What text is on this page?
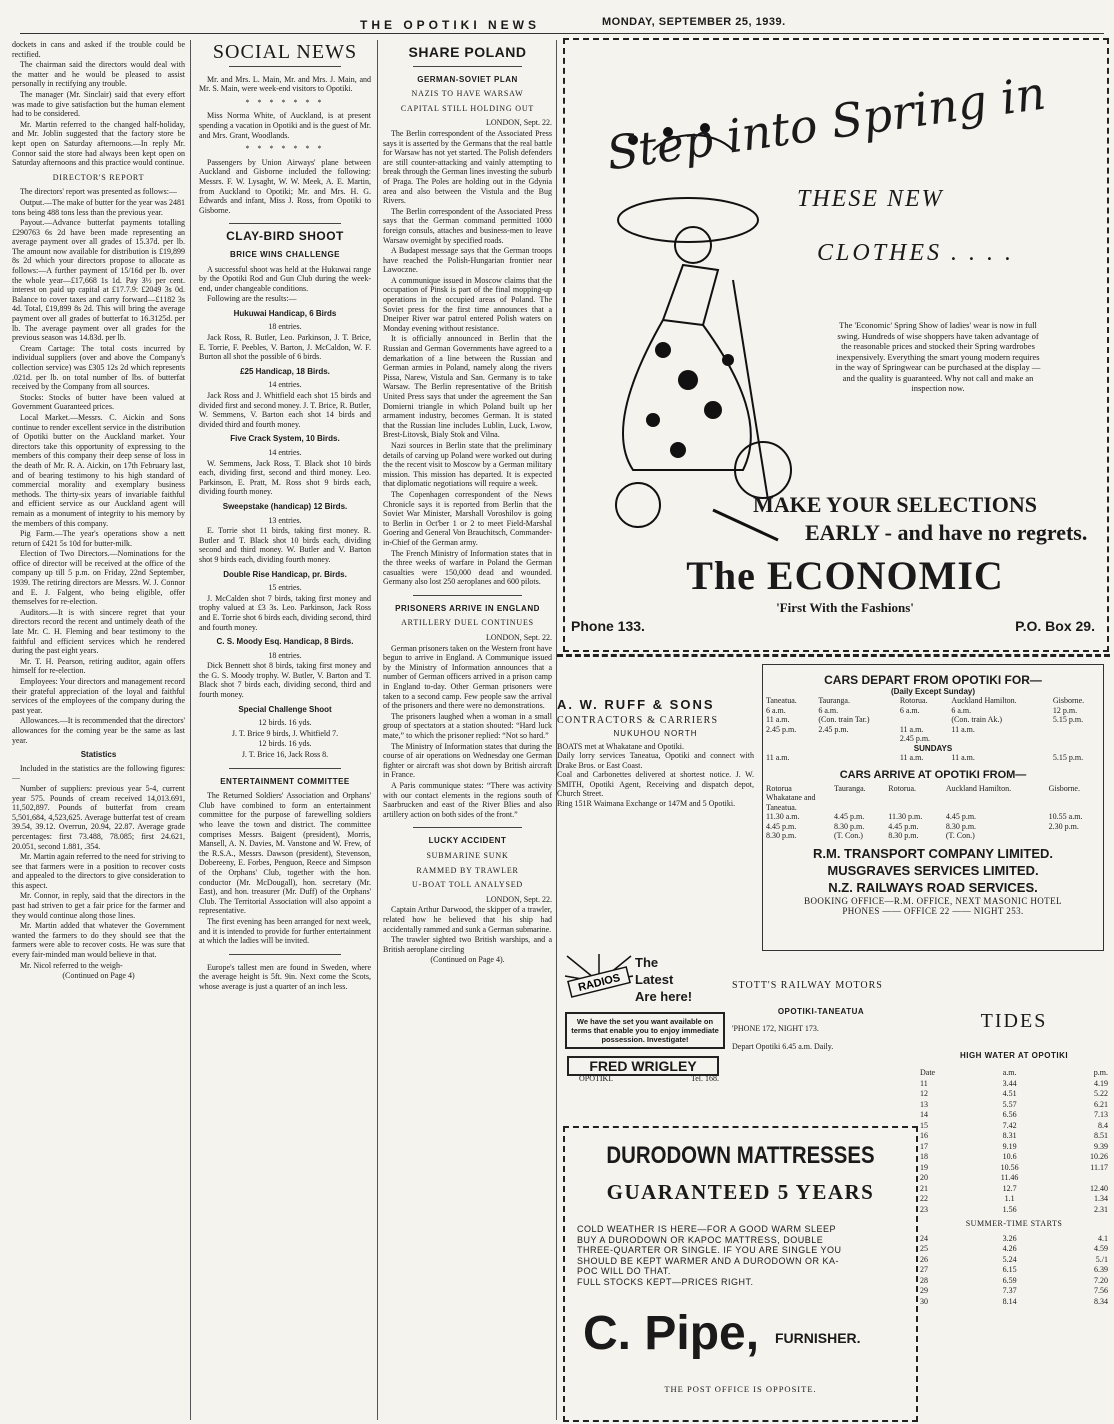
THE OPOTIKI NEWS	MONDAY, SEPTEMBER 25, 1939.

dockets in cans and asked if the trouble could be rectified.

The chairman said the directors would deal with the matter and he would be pleased to assist personally in rectifying any trouble.

The manager (Mr. Sinclair) said that every effort was made to give satisfaction but the human element had to be considered.

Mr. Martin referred to the changed half-holiday, and Mr. Joblin suggested that the factory store be kept open on Saturday afternoons.—In reply Mr. Connor said the store had always been kept open on Saturday afternoons and this practice would continue.

DIRECTOR'S REPORT

The directors' report was presented as follows:—

Output.—The make of butter for the year was 2481 tons being 488 tons less than the previous year.

Payout.—Advance butterfat payments totalling £290763 6s 2d have been made representing an average payment over all grades of 15.37d. per lb. The amount now available for distribution is £19,899 8s 2d which your directors propose to allocate as follows:—A further payment of 15/16d per lb. over the whole year—£17,668 1s 1d. Pay 3½ per cent. interest on paid up capital at £17.7.9: £2049 3s 0d. Balance to cover taxes and carry forward—£1182 3s 4d. Total, £19,899 8s 2d. This will bring the average payment over all grades of butterfat to 16.3125d. per lb. The average payment over all grades for the previous season was 14.83d. per lb.

Cream Cartage: The total costs incurred by individual suppliers (over and above the Company's collection service) was £305 12s 2d which represents .021d. per lb. on total number of lbs. of butterfat received by the Company from all sources.

Stocks: Stocks of butter have been valued at Government Guaranteed prices.

Local Market.—Messrs. C. Aickin and Sons continue to render excellent service in the distribution of Opotiki butter on the Auckland market. Your directors take this opportunity of expressing to the members of this company their deep sense of loss in the death of Mr. R. A. Aickin, on 17th February last, and of bearing testimony to his high standard of commercial morality and exemplary business methods. The thirty-six years of invariable faithful and efficient service as our Auckland agent will remain as a monument of integrity to his memory by the members of this company.

Pig Farm.—The year's operations show a nett return of £421 5s 10d for butter-milk.

Election of Two Directors.—Nominations for the office of director will be received at the office of the company up till 5 p.m. on Friday, 22nd September, 1939. The retiring directors are Messrs. W. J. Connor and E. J. Falgent, who being eligible, offer themselves for re-election.

Auditors.—It is with sincere regret that your directors record the recent and untimely death of the late Mr. C. H. Fleming and bear testimony to the faithful and efficient services which he rendered during the past eight years.

Mr. T. H. Pearson, retiring auditor, again offers himself for re-election.

Employees: Your directors and management record their grateful appreciation of the loyal and faithful services of the employees of the company during the past year.

Allowances.—It is recommended that the directors' allowances for the coming year be the same as last year.

Statistics

Included in the statistics are the following figures:—

Number of suppliers: previous year 5-4, current year 575. Pounds of cream received 14,013.691, 11,502,897. Pounds of butterfat from cream 5,501,684, 4,523,625. Average butterfat test of cream 39.54, 39.12. Overrun, 20.94, 22.87. Average grade percentages: first 73.488, 78.085; first 24.621, 20.051, second 1.881, .354.

Mr. Martin again referred to the need for striving to see that farmers were in a position to recover costs and appealed to the directors to give consideration to this aspect.

Mr. Connor, in reply, said that the directors in the past had striven to get a fair price for the farmer and they would continue along those lines.

Mr. Martin added that whatever the Government wanted the farmers to do they should see that the farmers were able to recover costs. He was sure that every fair-minded man would believe in that.

Mr. Nicol referred to the weigh-

(Continued on Page 4)

SOCIAL NEWS

Mr. and Mrs. L. Main, Mr. and Mrs. J. Main, and Mr. S. Main, were week-end visitors to Opotiki.

* * * * * * *

Miss Norma White, of Auckland, is at present spending a vacation in Opotiki and is the guest of Mr. and Mrs. Grant, Woodlands.

* * * * * * *

Passengers by Union Airways' plane between Auckland and Gisborne included the following: Messrs. F. W. Lysaght, W. W. Meek, A. E. Martin, from Auckland to Opotiki; Mr. and Mrs. H. G. Edwards and infant, Miss J. Ross, from Opotiki to Gisborne.

CLAY-BIRD SHOOT
BRICE WINS CHALLENGE

A successful shoot was held at the Hukuwai range by the Opotiki Rod and Gun Club during the week-end, under changeable conditions.

Following are the results:—

Hukuwai Handicap, 6 Birds

18 entries.

Jack Ross, R. Butler, Leo. Parkinson, J. T. Brice, E. Torrie, F. Peebles, V. Barton, J. McCaldon, W. F. Burton all shot the possible of 6 birds.

£25 Handicap, 18 Birds.

14 entries.

Jack Ross and J. Whitfield each shot 15 birds and divided first and second money. J. T. Brice, R. Butler, W. Semmens, V. Barton each shot 14 birds and divided third and fourth money.

Five Crack System, 10 Birds.

14 entries.

W. Semmens, Jack Ross, T. Black shot 10 birds each, dividing first, second and third money. Leo. Parkinson, E. Pratt, M. Ross shot 9 birds each, dividing fourth money.

Sweepstake (handicap) 12 Birds.

13 entries.

E. Torrie shot 11 birds, taking first money. R. Butler and T. Black shot 10 birds each, dividing second and third money. W. Butler and V. Barton shot 9 birds each, dividing fourth money.

Double Rise Handicap, pr. Birds.

15 entries.

J. McCalden shot 7 birds, taking first money and trophy valued at £3 3s. Leo. Parkinson, Jack Ross and E. Torrie shot 6 birds each, dividing second, third and fourth money.

C. S. Moody Esq. Handicap, 8 Birds.

18 entries.

Dick Bennett shot 8 birds, taking first money and the G. S. Moody trophy. W. Butler, V. Barton and T. Black shot 7 birds each, dividing second, third and fourth money.

Special Challenge Shoot

12 birds. 16 yds.

J. T. Brice 9 birds, J. Whitfield 7.

12 birds. 16 yds.

J. T. Brice 16, Jack Ross 8.

ENTERTAINMENT COMMITTEE

The Returned Soldiers' Association and Orphans' Club have combined to form an entertainment committee for the purpose of farewelling soldiers who leave the town and district. The committee comprises Messrs. Baigent (president), Morris, Mansell, A. N. Davies, M. Vanstone and W. Frew, of the R.S.A., Messrs. Dawson (president), Stevenson, Dobereeny, E. Forbes, Penguon, Reece and Simpson of the Orphans' Club, together with the hon. conductor (Mr. McDougall), hon. secretary (Mr. East), and hon. treasurer (Mr. Duff) of the Orphans' Club. The Territorial Association will also appoint a representative.

The first evening has been arranged for next week, and it is intended to provide for further entertainment at which the ladies will be invited.

Europe's tallest men are found in Sweden, where the average height is 5ft. 9in. Next come the Scots, whose average is just a quarter of an inch less.

SHARE POLAND
GERMAN-SOVIET PLAN

NAZIS TO HAVE WARSAW

CAPITAL STILL HOLDING OUT

LONDON, Sept. 22.

The Berlin correspondent of the Associated Press says it is asserted by the Germans that the real battle for Warsaw has not yet started. The Polish defenders are still counter-attacking and vainly attempting to break through the German lines investing the suburb of Praga. The Poles are holding out in the Gdynia area and also between the Vistula and the Bug Rivers.

The Berlin correspondent of the Associated Press says that the German command permitted 1000 foreign consuls, attaches and business-men to leave Warsaw overnight by specified roads.

A Budapest message says that the German troops have reached the Polish-Hungarian frontier near Lawoczne.

A communique issued in Moscow claims that the occupation of Pinsk is part of the final mopping-up operations in the occupied areas of Poland. The Soviet press for the first time announces that a Dneiper River war patrol entered Polish waters on Monday evening without resistance.

It is officially announced in Berlin that the Russian and German Governments have agreed to a demarkation of a line between the Russian and German armies in Poland, namely along the rivers Pissa, Narew, Vistula and San. Germany is to take Warsaw. The Berlin representative of the British United Press says that under the agreement the San Domierni triangle in which Poland built up her armament industry, becomes German. It is stated that the Russian line includes Lublin, Luck, Lwow, Brest-Litovsk, Bialy Stok and Vilna.

Nazi sources in Berlin state that the preliminary details of carving up Poland were worked out during the the recent visit to Moscow by a German military mission. This mission has departed. It is expected that diplomatic negotiations will require a week.

The Copenhagen correspondent of the News Chronicle says it is reported from Berlin that the Soviet War Minister, Marshall Voroshilov is going to Berlin in Oct'ber 1 or 2 to meet Field-Marshal Goering and General Von Brauchitsch, Commander-in-Chief of the German army.

The French Ministry of Information states that in the three weeks of warfare in Poland the German casualties were 150,000 dead and wounded. Germany also lost 250 aeroplanes and 600 pilots.

PRISONERS ARRIVE IN ENGLAND

ARTILLERY DUEL CONTINUES

LONDON, Sept. 22.

German prisoners taken on the Western front have begun to arrive in England. A Communique issued by the Ministry of Information announces that a number of German officers arrived in a prison camp in England to-day. Other German prisoners were taken to a second camp. Few people saw the arrival of the prisoners and there were no demonstrations.

The prisoners laughed when a woman in a small group of spectators at a station shouted: “Hard luck mate,” to which the prisoner replied: “Not so hard.”

The Ministry of Information states that during the course of air operations on Wednesday one German fighter or aircraft was shot down by British aircraft in France.

A Paris communique states: “There was activity with our contact elements in the regions south of Saarbrucken and east of the River Blies and also artillery action on both sides of the front.”

LUCKY ACCIDENT

SUBMARINE SUNK

RAMMED BY TRAWLER

U-BOAT TOLL ANALYSED

LONDON, Sept. 22.

Captain Arthur Darwood, the skipper of a trawler, related how he believed that his ship had accidentally rammed and sunk a German submarine.

The trawler sighted two British warships, and a British aeroplane circling

(Continued on Page 4).

Step into Spring in
THESE NEW
CLOTHES . . . .
The 'Economic' Spring Show of ladies' wear is now in full swing. Hundreds of wise shoppers have taken advantage of the reasonable prices and stocked their Spring wardrobes inexpensively. Everything the smart young modern requires in the way of Springwear can be purchased at the display —and the quality is guaranteed. Why not call and make an inspection now.
MAKE YOUR SELECTIONS
EARLY - and have no regrets.
The ECONOMIC
'First With the Fashions'
Phone 133.	P.O. Box 29.
A. W. RUFF & SONS
CONTRACTORS & CARRIERS
NUKUHOU NORTH

BOATS met at Whakatane and Opotiki.

Daily lorry services Taneatua, Opotiki and connect with Drake Bros. or East Coast.

Coal and Carbonettes delivered at shortest notice. J. W. SMITH, Opotiki Agent, Receiving and dispatch depot, Church Street.

Ring 151R Waimana Exchange or 147M and 5 Opotiki.

CARS DEPART FROM OPOTIKI FOR—
(Daily Except Sunday)
Taneatua.	Tauranga.	Rotorua.	Auckland Hamilton.	Gisborne.
6 a.m.	6 a.m.	6 a.m.	6 a.m.	12 p.m.
11 a.m.	(Con. train Tar.)		(Con. train Ak.)	5.15 p.m.
2.45 p.m.	2.45 p.m.	11 a.m.	11 a.m.	
		2.45 p.m.		
SUNDAYS				
11 a.m.		11 a.m.	11 a.m.	5.15 p.m.
CARS ARRIVE AT OPOTIKI FROM—
Rotorua Whakatane and Taneatua.	Tauranga.	Rotorua.	Auckland Hamilton.	Gisborne.
11.30 a.m.	4.45 p.m.	11.30 p.m.	4.45 p.m.	10.55 a.m.
4.45 p.m.	8.30 p.m.	4.45 p.m.	8.30 p.m.	2.30 p.m.
8.30 p.m.	(T. Con.)	8.30 p.m.	(T. Con.)	
R.M. TRANSPORT COMPANY LIMITED.
MUSGRAVES SERVICES LIMITED.
N.Z. RAILWAYS ROAD SERVICES.
BOOKING OFFICE—R.M. OFFICE, NEXT MASONIC HOTEL
PHONES —— OFFICE 22 —— NIGHT 253.
RADIOS
The
Latest
Are here!
We have the set you want available on terms that enable you to enjoy immediate possession. Investigate!
FRED WRIGLEY
OPOTIKI.	Tel. 168.
STOTT'S RAILWAY MOTORS
OPOTIKI-TANEATUA

'PHONE 172, NIGHT 173.

Depart Opotiki 6.45 a.m. Daily.

TIDES
HIGH WATER AT OPOTIKI
Date	a.m.	p.m.
11	3.44	4.19
12	4.51	5.22
13	5.57	6.21
14	6.56	7.13
15	7.42	8.4
16	8.31	8.51
17	9.19	9.39
18	10.6	10.26
19	10.56	11.17
20	11.46	
21	12.7	12.40
22	1.1	1.34
23	1.56	2.31
SUMMER-TIME STARTS		
24	3.26	4.1
25	4.26	4.59
26	5.24	5./1
27	6.15	6.39
28	6.59	7.20
29	7.37	7.56
30	8.14	8.34
DURODOWN MATTRESSES
GUARANTEED 5 YEARS
COLD WEATHER IS HERE—FOR A GOOD WARM SLEEP
BUY A DURODOWN OR KAPOC MATTRESS, DOUBLE
THREE-QUARTER OR SINGLE. IF YOU ARE SINGLE YOU
SHOULD BE KEPT WARMER AND A DURODOWN OR KA-
POC WILL DO THAT.
FULL STOCKS KEPT—PRICES RIGHT.
C. Pipe, FURNISHER.
THE POST OFFICE IS OPPOSITE.
